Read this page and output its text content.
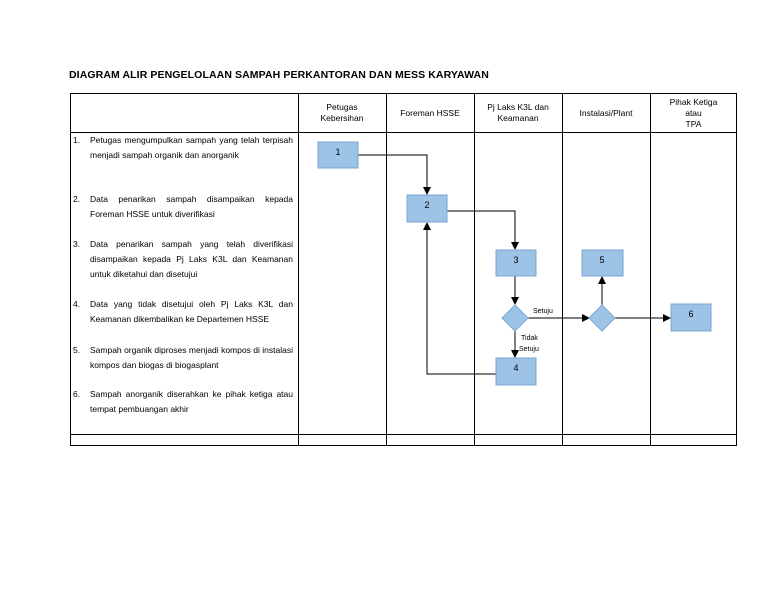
DIAGRAM ALIR PENGELOLAAN SAMPAH PERKANTORAN DAN MESS KARYAWAN
Petugas
Kebersihan
Foreman HSSE
Pj Laks K3L dan
Keamanan
Instalasi/Plant
Pihak Ketiga
atau
TPA
1. Petugas mengumpulkan sampah yang telah terpisah menjadi sampah organik dan anorganik
2. Data penarikan sampah disampaikan kepada Foreman HSSE untuk diverifikasi
3. Data penarikan sampah yang telah diverifikasi disampaikan kepada Pj Laks K3L dan Keamanan untuk diketahui dan disetujui
4. Data yang tidak disetujui oleh Pj Laks K3L dan Keamanan dikembalikan ke Departemen HSSE
5. Sampah organik diproses menjadi kompos di instalasi kompos dan biogas di biogasplant
6. Sampah anorganik diserahkan ke pihak ketiga atau tempat pembuangan akhir
1
2
3
4
5
6
Setuju
Tidak
Setuju
